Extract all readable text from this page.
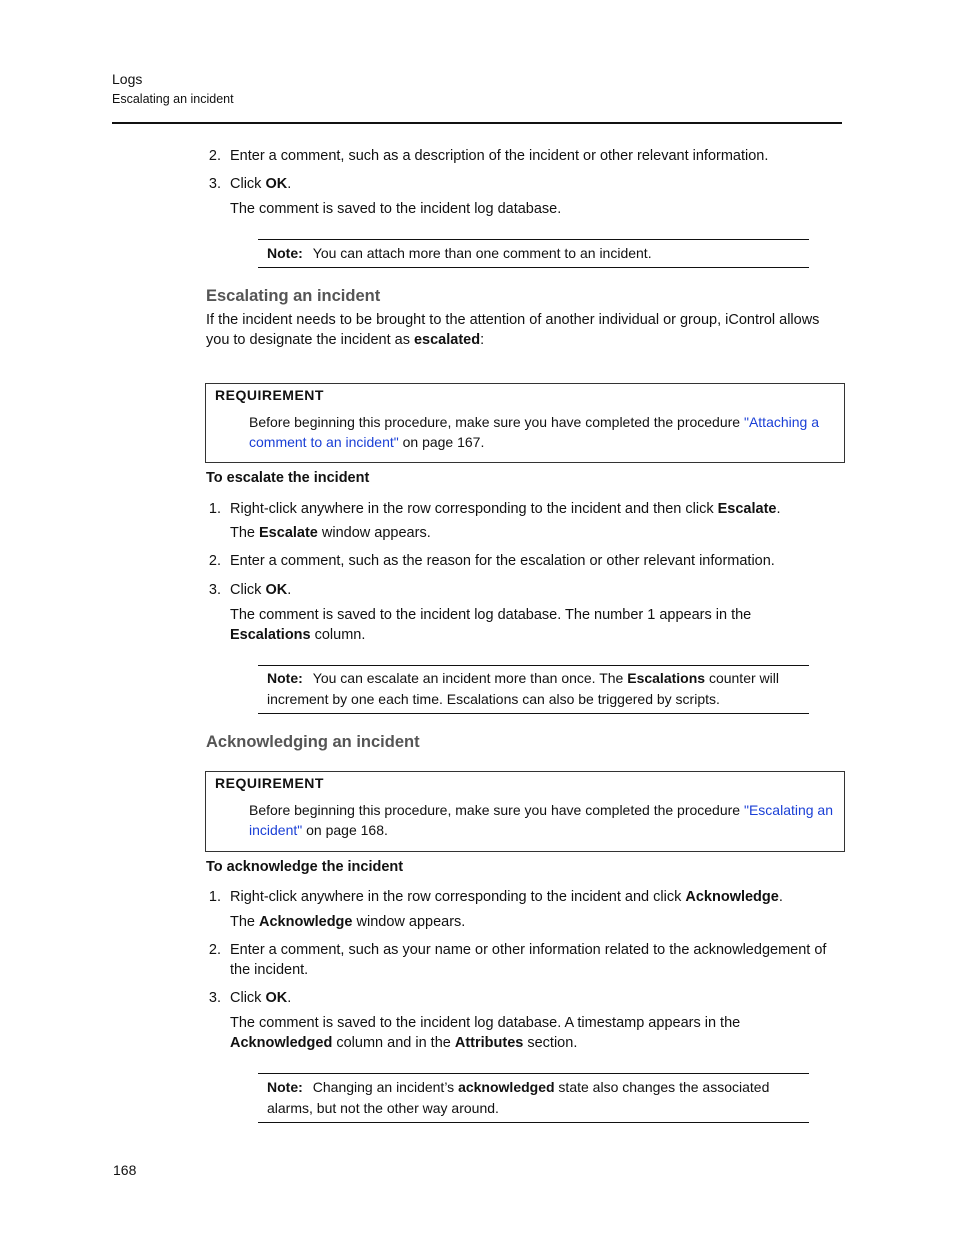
Logs
Escalating an incident
2. Enter a comment, such as a description of the incident or other relevant information.
3. Click OK.
The comment is saved to the incident log database.
Note: You can attach more than one comment to an incident.
Escalating an incident
If the incident needs to be brought to the attention of another individual or group, iControl allows you to designate the incident as escalated:
REQUIREMENT
Before beginning this procedure, make sure you have completed the procedure "Attaching a comment to an incident" on page 167.
To escalate the incident
1. Right-click anywhere in the row corresponding to the incident and then click Escalate.
The Escalate window appears.
2. Enter a comment, such as the reason for the escalation or other relevant information.
3. Click OK.
The comment is saved to the incident log database. The number 1 appears in the Escalations column.
Note: You can escalate an incident more than once. The Escalations counter will increment by one each time. Escalations can also be triggered by scripts.
Acknowledging an incident
REQUIREMENT
Before beginning this procedure, make sure you have completed the procedure "Escalating an incident" on page 168.
To acknowledge the incident
1. Right-click anywhere in the row corresponding to the incident and click Acknowledge.
The Acknowledge window appears.
2. Enter a comment, such as your name or other information related to the acknowledgement of the incident.
3. Click OK.
The comment is saved to the incident log database. A timestamp appears in the Acknowledged column and in the Attributes section.
Note: Changing an incident’s acknowledged state also changes the associated alarms, but not the other way around.
168
